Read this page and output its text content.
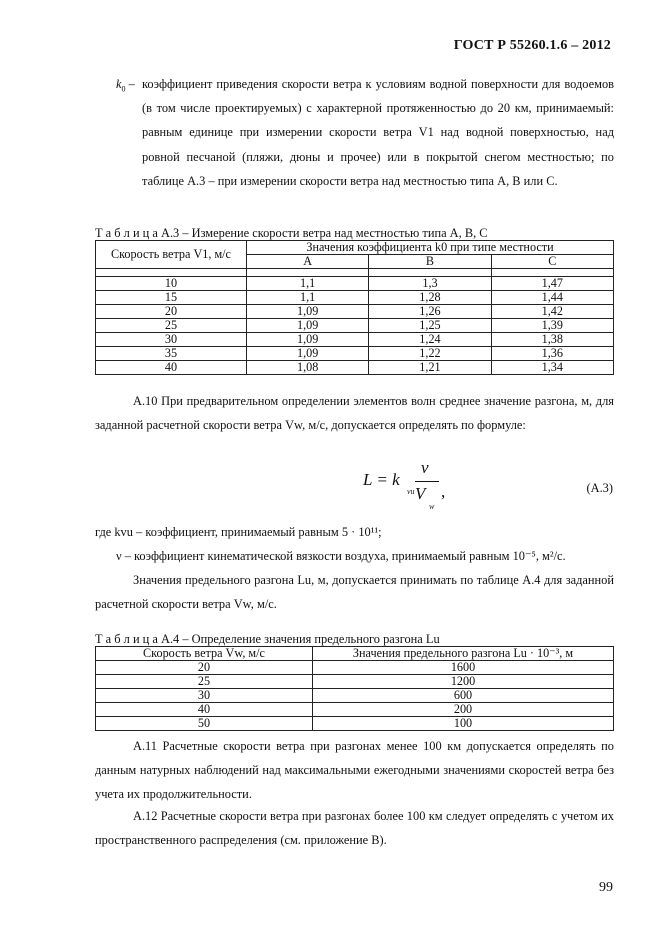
ГОСТ Р 55260.1.6 – 2012
$k_0$ – коэффициент приведения скорости ветра к условиям водной поверхности для водоемов (в том числе проектируемых) с характерной протяженностью до 20 км, принимаемый: равным единице при измерении скорости ветра V1 над водной поверхностью, над ровной песчаной (пляжи, дюны и прочее) или в покрытой снегом местностью; по таблице А.3 – при измерении скорости ветра над местностью типа А, В или С.
Т а б л и ц а А.3 – Измерение скорости ветра над местностью типа А, В, С
Скорость ветра V1, м/с	Значения коэффициента k0 при типе местности		
	А	В	С

10	1,1	1,3	1,47
15	1,1	1,28	1,44
20	1,09	1,26	1,42
25	1,09	1,25	1,39
30	1,09	1,24	1,38
35	1,09	1,22	1,36
40	1,08	1,21	1,34
А.10 При предварительном определении элементов волн среднее значение разгона, м, для заданной расчетной скорости ветра Vw, м/с, допускается определять по формуле:
L = k
vu
ν
V
w
,	(А.3)
где kvu – коэффициент, принимаемый равным 5 · 10¹¹;
ν – коэффициент кинематической вязкости воздуха, принимаемый равным 10⁻⁵, м²/с.
Значения предельного разгона Lu, м, допускается принимать по таблице А.4 для заданной расчетной скорости ветра Vw, м/с.
Т а б л и ц а А.4 – Определение значения предельного разгона Lu
Скорость ветра Vw, м/с	Значения предельного разгона Lu · 10⁻³, м
20	1600
25	1200
30	600
40	200
50	100
А.11 Расчетные скорости ветра при разгонах менее 100 км допускается определять по данным натурных наблюдений над максимальными ежегодными значениями скоростей ветра без учета их продолжительности.
А.12 Расчетные скорости ветра при разгонах более 100 км следует определять с учетом их пространственного распределения (см. приложение В).
99
